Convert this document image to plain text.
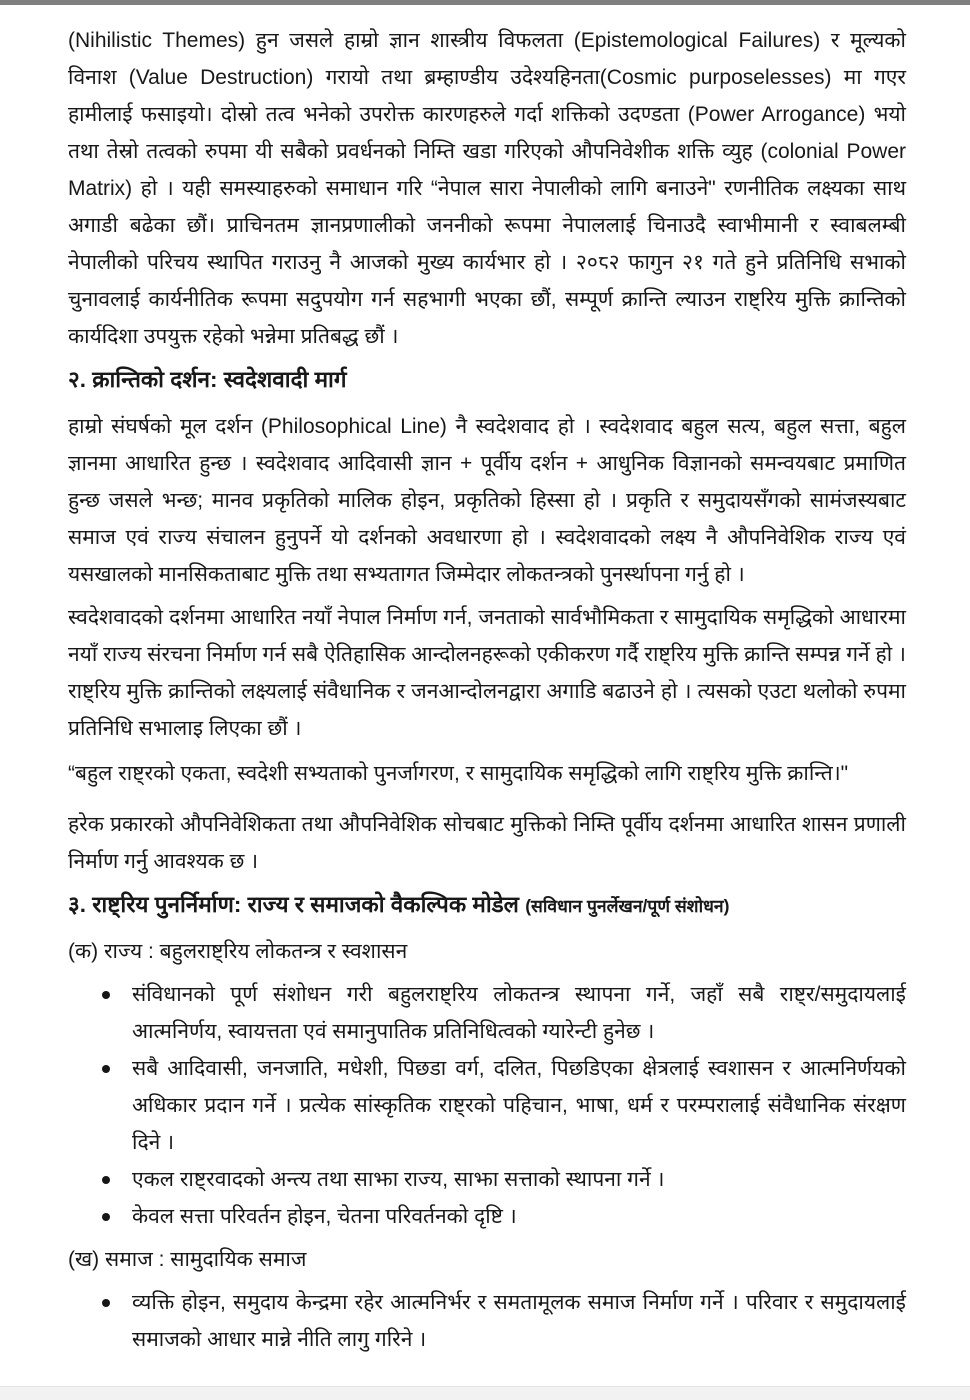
(Nihilistic Themes) हुन जसले हाम्रो ज्ञान शास्त्रीय विफलता (Epistemological Failures) र मूल्यको विनाश (Value Destruction) गरायो तथा ब्रम्हाण्डीय उदेश्यहिनता(Cosmic purposelesses) मा गएर हामीलाई फसाइयो। दोस्रो तत्व भनेको उपरोक्त कारणहरुले गर्दा शक्तिको उदण्डता (Power Arrogance) भयो तथा तेस्रो तत्वको रुपमा यी सबैको प्रवर्धनको निम्ति खडा गरिएको औपनिवेशीक शक्ति व्युह (colonial Power Matrix) हो । यही समस्याहरुको समाधान गरि “नेपाल सारा नेपालीको लागि बनाउने" रणनीतिक लक्ष्यका साथ अगाडी बढेका छौं। प्राचिनतम ज्ञानप्रणालीको जननीको रूपमा नेपाललाई चिनाउदै स्वाभीमानी र स्वाबलम्बी नेपालीको परिचय स्थापित गराउनु नै आजको मुख्य कार्यभार हो । २०८२ फागुन २१ गते हुने प्रतिनिधि सभाको चुनावलाई कार्यनीतिक रूपमा सदुपयोग गर्न सहभागी भएका छौं, सम्पूर्ण क्रान्ति ल्याउन राष्ट्रिय मुक्ति क्रान्तिको कार्यदिशा उपयुक्त रहेको भन्नेमा प्रतिबद्ध छौं ।

२. क्रान्तिको दर्शन: स्वदेशवादी मार्ग

हाम्रो संघर्षको मूल दर्शन (Philosophical Line) नै स्वदेशवाद हो । स्वदेशवाद बहुल सत्य, बहुल सत्ता, बहुल ज्ञानमा आधारित हुन्छ । स्वदेशवाद आदिवासी ज्ञान + पूर्वीय दर्शन + आधुनिक विज्ञानको समन्वयबाट प्रमाणित हुन्छ जसले भन्छ; मानव प्रकृतिको मालिक होइन, प्रकृतिको हिस्सा हो । प्रकृति र समुदायसँगको सामंजस्यबाट समाज एवं राज्य संचालन हुनुपर्ने यो दर्शनको अवधारणा हो । स्वदेशवादको लक्ष्य नै औपनिवेशिक राज्य एवं यसखालको मानसिकताबाट मुक्ति तथा सभ्यतागत जिम्मेदार लोकतन्त्रको पुनर्स्थापना गर्नु हो ।

स्वदेशवादको दर्शनमा आधारित नयाँ नेपाल निर्माण गर्न, जनताको सार्वभौमिकता र सामुदायिक समृद्धिको आधारमा नयाँ राज्य संरचना निर्माण गर्न सबै ऐतिहासिक आन्दोलनहरूको एकीकरण गर्दै राष्ट्रिय मुक्ति क्रान्ति सम्पन्न गर्ने हो । राष्ट्रिय मुक्ति क्रान्तिको लक्ष्यलाई संवैधानिक र जनआन्दोलनद्वारा अगाडि बढाउने हो । त्यसको एउटा थलोको रुपमा प्रतिनिधि सभालाइ लिएका छौं ।

“बहुल राष्ट्रको एकता, स्वदेशी सभ्यताको पुनर्जागरण, र सामुदायिक समृद्धिको लागि राष्ट्रिय मुक्ति क्रान्ति।"

हरेक प्रकारको औपनिवेशिकता तथा औपनिवेशिक सोचबाट मुक्तिको निम्ति पूर्वीय दर्शनमा आधारित शासन प्रणाली निर्माण गर्नु आवश्यक छ ।

३. राष्ट्रिय पुनर्निर्माण: राज्य र समाजको वैकल्पिक मोडेल (सविधान पुनर्लेखन/पूर्ण संशोधन)
(क) राज्य : बहुलराष्ट्रिय लोकतन्त्र र स्वशासन
संविधानको पूर्ण संशोधन गरी बहुलराष्ट्रिय लोकतन्त्र स्थापना गर्ने, जहाँ सबै राष्ट्र/समुदायलाई आत्मनिर्णय, स्वायत्तता एवं समानुपातिक प्रतिनिधित्वको ग्यारेन्टी हुनेछ ।
सबै आदिवासी, जनजाति, मधेशी, पिछडा वर्ग, दलित, पिछडिएका क्षेत्रलाई स्वशासन र आत्मनिर्णयको अधिकार प्रदान गर्ने । प्रत्येक सांस्कृतिक राष्ट्रको पहिचान, भाषा, धर्म र परम्परालाई संवैधानिक संरक्षण दिने ।
एकल राष्ट्रवादको अन्त्य तथा साझा राज्य, साझा सत्ताको स्थापना गर्ने ।
केवल सत्ता परिवर्तन होइन, चेतना परिवर्तनको दृष्टि ।
(ख) समाज : सामुदायिक समाज
व्यक्ति होइन, समुदाय केन्द्रमा रहेर आत्मनिर्भर र समतामूलक समाज निर्माण गर्ने । परिवार र समुदायलाई समाजको आधार मान्ने नीति लागु गरिने ।
